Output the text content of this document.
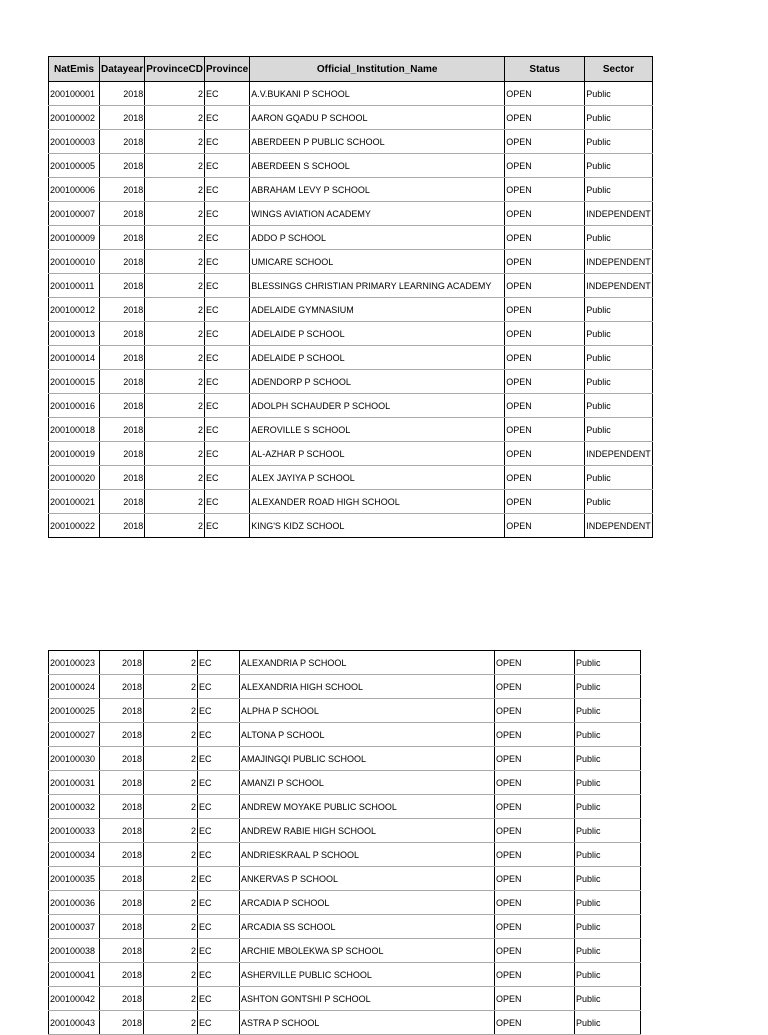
NatEmis	Datayear	ProvinceCD	Province	Official_Institution_Name	Status	Sector
200100001	2018	2	EC	A.V.BUKANI P SCHOOL	OPEN	Public
200100002	2018	2	EC	AARON GQADU P SCHOOL	OPEN	Public
200100003	2018	2	EC	ABERDEEN P PUBLIC SCHOOL	OPEN	Public
200100005	2018	2	EC	ABERDEEN S SCHOOL	OPEN	Public
200100006	2018	2	EC	ABRAHAM LEVY P SCHOOL	OPEN	Public
200100007	2018	2	EC	WINGS AVIATION ACADEMY	OPEN	INDEPENDENT
200100009	2018	2	EC	ADDO P SCHOOL	OPEN	Public
200100010	2018	2	EC	UMICARE SCHOOL	OPEN	INDEPENDENT
200100011	2018	2	EC	BLESSINGS CHRISTIAN PRIMARY LEARNING ACADEMY	OPEN	INDEPENDENT
200100012	2018	2	EC	ADELAIDE GYMNASIUM	OPEN	Public
200100013	2018	2	EC	ADELAIDE P SCHOOL	OPEN	Public
200100014	2018	2	EC	ADELAIDE P SCHOOL	OPEN	Public
200100015	2018	2	EC	ADENDORP P SCHOOL	OPEN	Public
200100016	2018	2	EC	ADOLPH SCHAUDER P SCHOOL	OPEN	Public
200100018	2018	2	EC	AEROVILLE S SCHOOL	OPEN	Public
200100019	2018	2	EC	AL-AZHAR P SCHOOL	OPEN	INDEPENDENT
200100020	2018	2	EC	ALEX JAYIYA P SCHOOL	OPEN	Public
200100021	2018	2	EC	ALEXANDER ROAD HIGH SCHOOL	OPEN	Public
200100022	2018	2	EC	KING'S KIDZ SCHOOL	OPEN	INDEPENDENT
200100023	2018	2	EC	ALEXANDRIA P SCHOOL	OPEN	Public
200100024	2018	2	EC	ALEXANDRIA HIGH SCHOOL	OPEN	Public
200100025	2018	2	EC	ALPHA P SCHOOL	OPEN	Public
200100027	2018	2	EC	ALTONA P SCHOOL	OPEN	Public
200100030	2018	2	EC	AMAJINGQI PUBLIC SCHOOL	OPEN	Public
200100031	2018	2	EC	AMANZI P SCHOOL	OPEN	Public
200100032	2018	2	EC	ANDREW MOYAKE PUBLIC SCHOOL	OPEN	Public
200100033	2018	2	EC	ANDREW RABIE HIGH SCHOOL	OPEN	Public
200100034	2018	2	EC	ANDRIESKRAAL P SCHOOL	OPEN	Public
200100035	2018	2	EC	ANKERVAS P SCHOOL	OPEN	Public
200100036	2018	2	EC	ARCADIA P SCHOOL	OPEN	Public
200100037	2018	2	EC	ARCADIA SS SCHOOL	OPEN	Public
200100038	2018	2	EC	ARCHIE MBOLEKWA SP SCHOOL	OPEN	Public
200100041	2018	2	EC	ASHERVILLE PUBLIC SCHOOL	OPEN	Public
200100042	2018	2	EC	ASHTON GONTSHI P SCHOOL	OPEN	Public
200100043	2018	2	EC	ASTRA P SCHOOL	OPEN	Public
